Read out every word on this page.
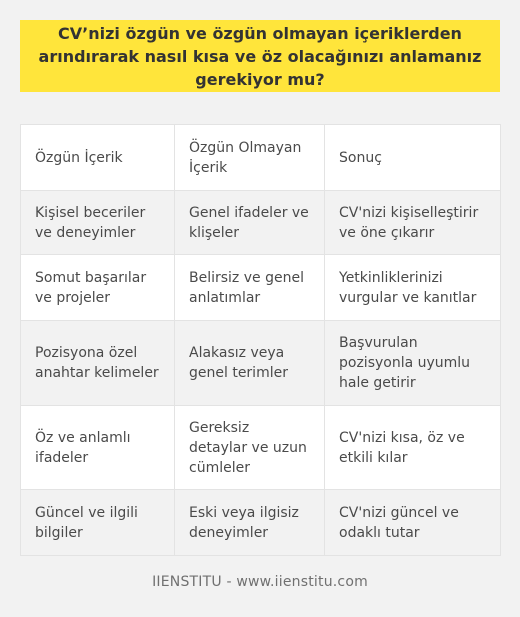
CV’nizi özgün ve özgün olmayan içeriklerden arındırarak nasıl kısa ve öz olacağınızı anlamanız gerekiyor mu?
Özgün İçerik	Özgün Olmayan İçerik	Sonuç
Kişisel beceriler ve deneyimler	Genel ifadeler ve klişeler	CV'nizi kişiselleştirir ve öne çıkarır
Somut başarılar ve projeler	Belirsiz ve genel anlatımlar	Yetkinliklerinizi vurgular ve kanıtlar
Pozisyona özel anahtar kelimeler	Alakasız veya genel terimler	Başvurulan pozisyonla uyumlu hale getirir
Öz ve anlamlı ifadeler	Gereksiz detaylar ve uzun cümleler	CV'nizi kısa, öz ve etkili kılar
Güncel ve ilgili bilgiler	Eski veya ilgisiz deneyimler	CV'nizi güncel ve odaklı tutar
IIENSTITU - www.iienstitu.com
